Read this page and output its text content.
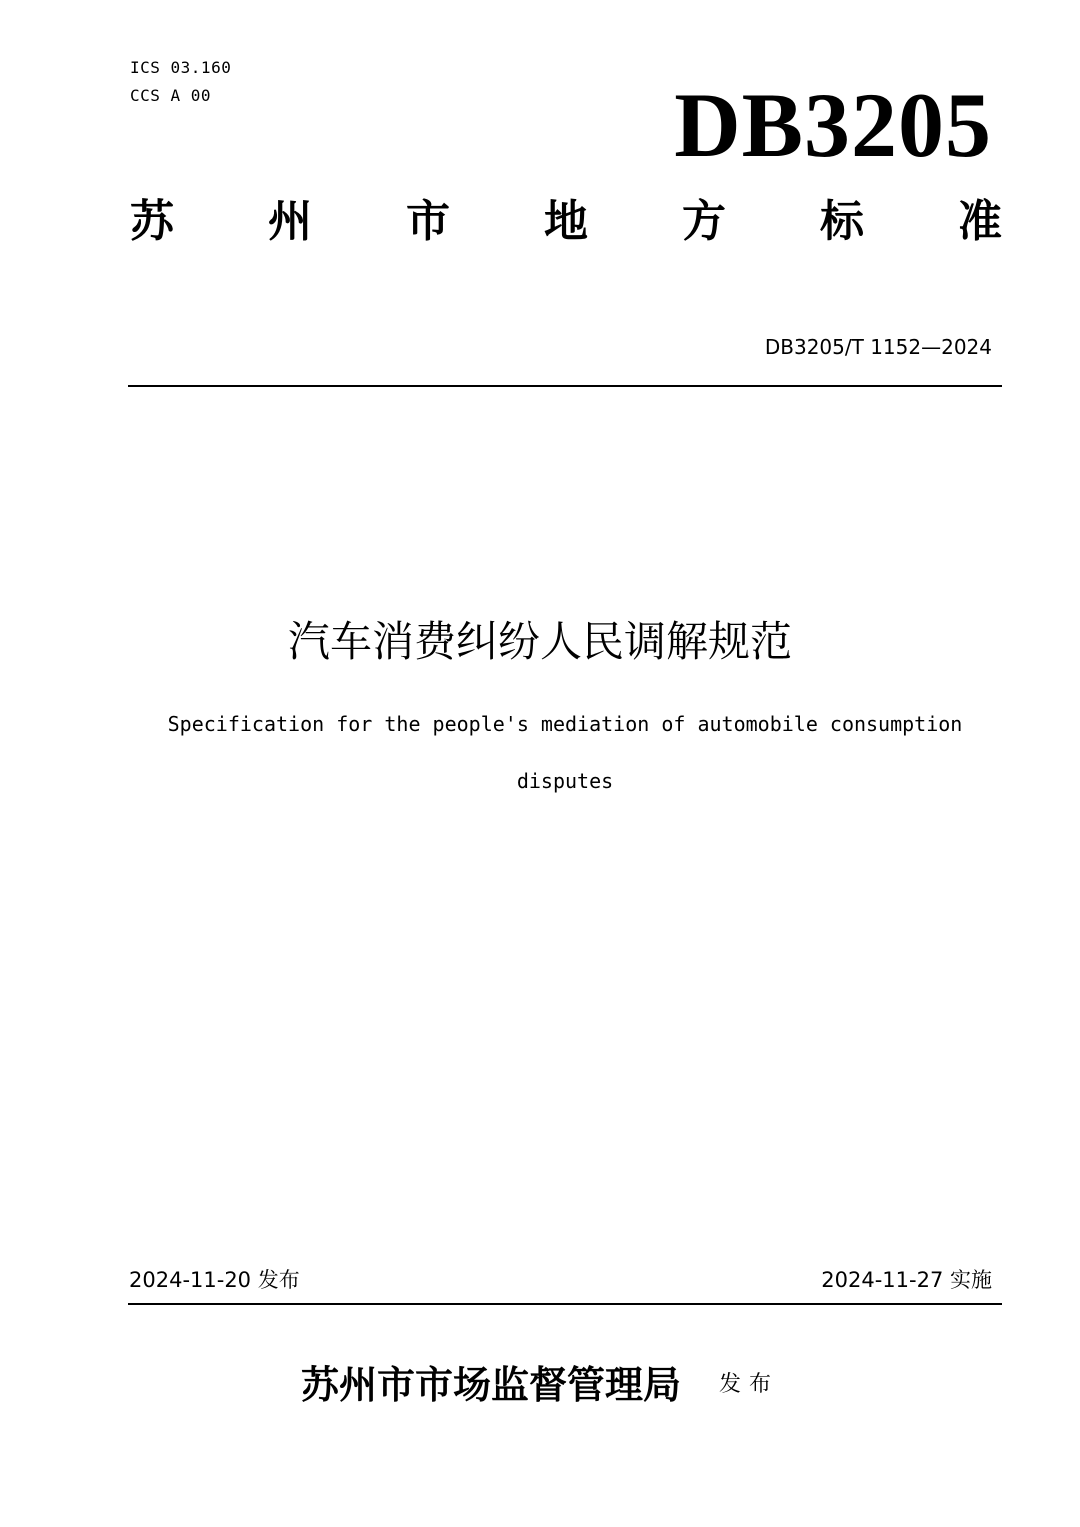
ICS 03.160
CCS A 00	DB3205
苏 州 市 地 方 标 准
DB3205/T 1152—2024
汽车消费纠纷人民调解规范
Specification for the people's mediation of automobile consumption disputes
2024-11-20 发布	2024-11-27 实施
苏州市市场监督管理局 发布
